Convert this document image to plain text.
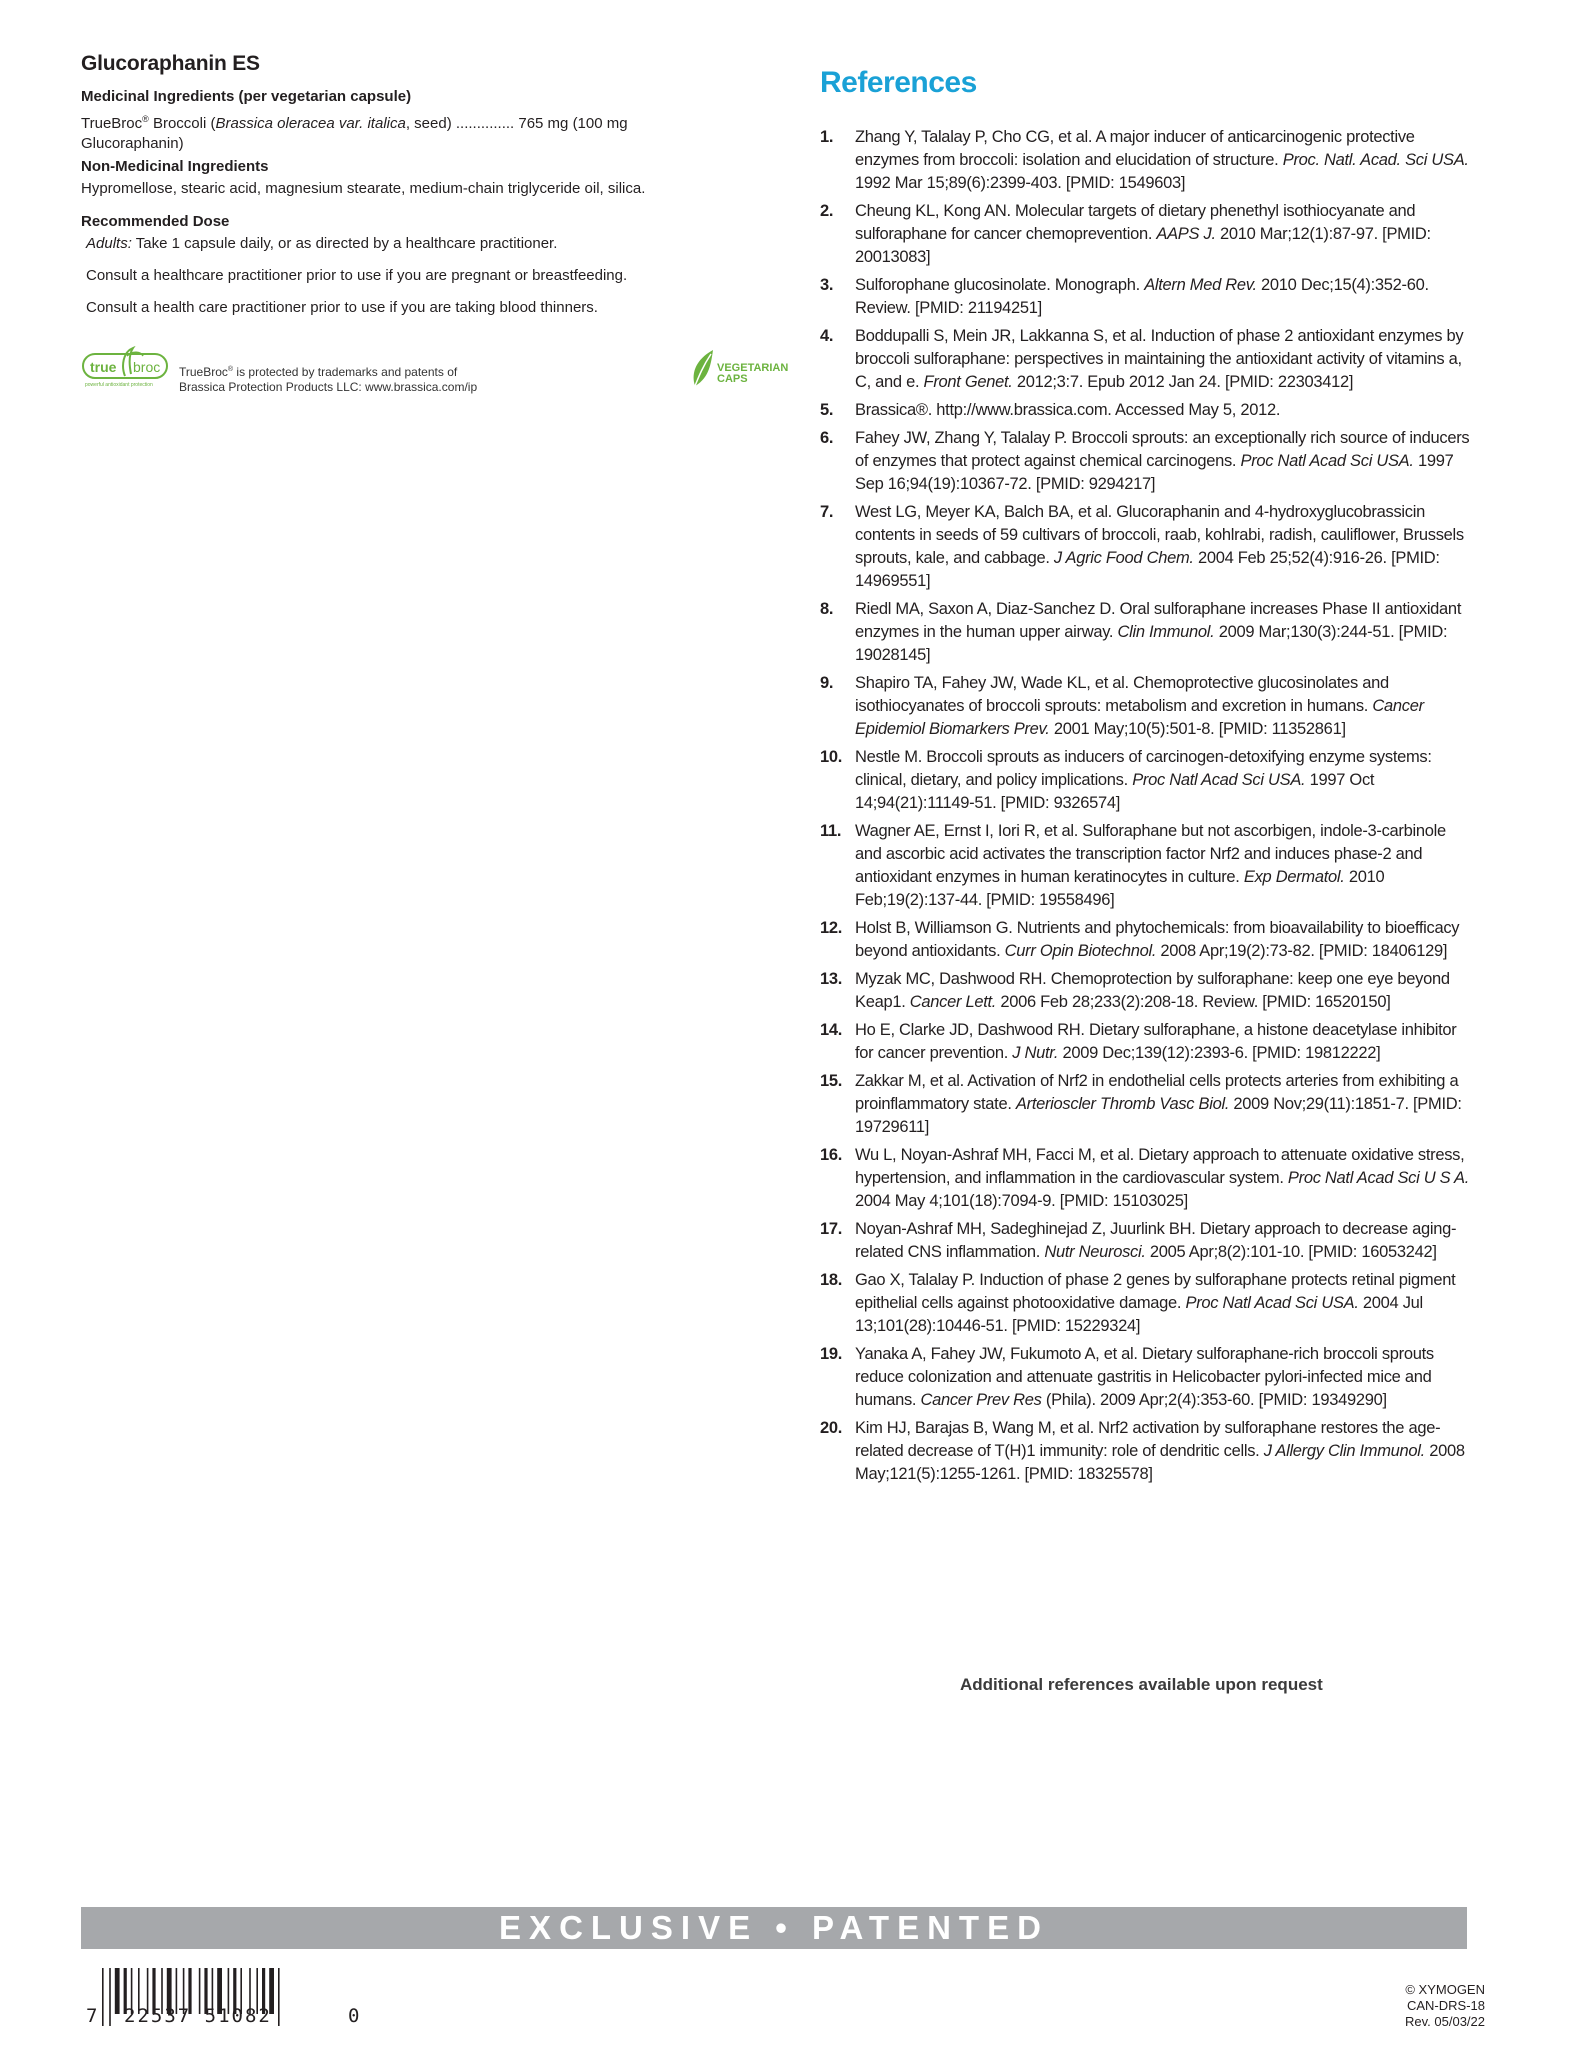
Glucoraphanin ES
Medicinal Ingredients (per vegetarian capsule)
TrueBroc® Broccoli (Brassica oleracea var. italica, seed) .............. 765 mg (100 mg Glucoraphanin)
Non-Medicinal Ingredients
Hypromellose, stearic acid, magnesium stearate, medium-chain triglyceride oil, silica.
Recommended Dose
Adults: Take 1 capsule daily, or as directed by a healthcare practitioner.
Consult a healthcare practitioner prior to use if you are pregnant or breastfeeding.
Consult a health care practitioner prior to use if you are taking blood thinners.
true broc
powerful antioxidant protection
TrueBroc® is protected by trademarks and patents of
Brassica Protection Products LLC: www.brassica.com/ip
VEGETARIAN
CAPS
References
1. Zhang Y, Talalay P, Cho CG, et al. A major inducer of anticarcinogenic protective enzymes from broccoli: isolation and elucidation of structure. Proc. Natl. Acad. Sci USA. 1992 Mar 15;89(6):2399-403. [PMID: 1549603]
2. Cheung KL, Kong AN. Molecular targets of dietary phenethyl isothiocyanate and sulforaphane for cancer chemoprevention. AAPS J. 2010 Mar;12(1):87-97. [PMID: 20013083]
3. Sulforophane glucosinolate. Monograph. Altern Med Rev. 2010 Dec;15(4):352-60. Review. [PMID: 21194251]
4. Boddupalli S, Mein JR, Lakkanna S, et al. Induction of phase 2 antioxidant enzymes by broccoli sulforaphane: perspectives in maintaining the antioxidant activity of vitamins a, C, and e. Front Genet. 2012;3:7. Epub 2012 Jan 24. [PMID: 22303412]
5. Brassica®. http://www.brassica.com. Accessed May 5, 2012.
6. Fahey JW, Zhang Y, Talalay P. Broccoli sprouts: an exceptionally rich source of inducers of enzymes that protect against chemical carcinogens. Proc Natl Acad Sci USA. 1997 Sep 16;94(19):10367-72. [PMID: 9294217]
7. West LG, Meyer KA, Balch BA, et al. Glucoraphanin and 4-hydroxyglucobrassicin contents in seeds of 59 cultivars of broccoli, raab, kohlrabi, radish, cauliflower, Brussels sprouts, kale, and cabbage. J Agric Food Chem. 2004 Feb 25;52(4):916-26. [PMID: 14969551]
8. Riedl MA, Saxon A, Diaz-Sanchez D. Oral sulforaphane increases Phase II antioxidant enzymes in the human upper airway. Clin Immunol. 2009 Mar;130(3):244-51. [PMID: 19028145]
9. Shapiro TA, Fahey JW, Wade KL, et al. Chemoprotective glucosinolates and isothiocyanates of broccoli sprouts: metabolism and excretion in humans. Cancer Epidemiol Biomarkers Prev. 2001 May;10(5):501-8. [PMID: 11352861]
10. Nestle M. Broccoli sprouts as inducers of carcinogen-detoxifying enzyme systems: clinical, dietary, and policy implications. Proc Natl Acad Sci USA. 1997 Oct 14;94(21):11149-51. [PMID: 9326574]
11. Wagner AE, Ernst I, Iori R, et al. Sulforaphane but not ascorbigen, indole-3-carbinole and ascorbic acid activates the transcription factor Nrf2 and induces phase-2 and antioxidant enzymes in human keratinocytes in culture. Exp Dermatol. 2010 Feb;19(2):137-44. [PMID: 19558496]
12. Holst B, Williamson G. Nutrients and phytochemicals: from bioavailability to bioefficacy beyond antioxidants. Curr Opin Biotechnol. 2008 Apr;19(2):73-82. [PMID: 18406129]
13. Myzak MC, Dashwood RH. Chemoprotection by sulforaphane: keep one eye beyond Keap1. Cancer Lett. 2006 Feb 28;233(2):208-18. Review. [PMID: 16520150]
14. Ho E, Clarke JD, Dashwood RH. Dietary sulforaphane, a histone deacetylase inhibitor for cancer prevention. J Nutr. 2009 Dec;139(12):2393-6. [PMID: 19812222]
15. Zakkar M, et al. Activation of Nrf2 in endothelial cells protects arteries from exhibiting a proinflammatory state. Arterioscler Thromb Vasc Biol. 2009 Nov;29(11):1851-7. [PMID: 19729611]
16. Wu L, Noyan-Ashraf MH, Facci M, et al. Dietary approach to attenuate oxidative stress, hypertension, and inflammation in the cardiovascular system. Proc Natl Acad Sci U S A. 2004 May 4;101(18):7094-9. [PMID: 15103025]
17. Noyan-Ashraf MH, Sadeghinejad Z, Juurlink BH. Dietary approach to decrease aging-related CNS inflammation. Nutr Neurosci. 2005 Apr;8(2):101-10. [PMID: 16053242]
18. Gao X, Talalay P. Induction of phase 2 genes by sulforaphane protects retinal pigment epithelial cells against photooxidative damage. Proc Natl Acad Sci USA. 2004 Jul 13;101(28):10446-51. [PMID: 15229324]
19. Yanaka A, Fahey JW, Fukumoto A, et al. Dietary sulforaphane-rich broccoli sprouts reduce colonization and attenuate gastritis in Helicobacter pylori-infected mice and humans. Cancer Prev Res (Phila). 2009 Apr;2(4):353-60. [PMID: 19349290]
20. Kim HJ, Barajas B, Wang M, et al. Nrf2 activation by sulforaphane restores the age-related decrease of T(H)1 immunity: role of dendritic cells. J Allergy Clin Immunol. 2008 May;121(5):1255-1261. [PMID: 18325578]
Additional references available upon request
EXCLUSIVE • PATENTED
7 22537 51082	0
© XYMOGEN
CAN-DRS-18
Rev. 05/03/22
